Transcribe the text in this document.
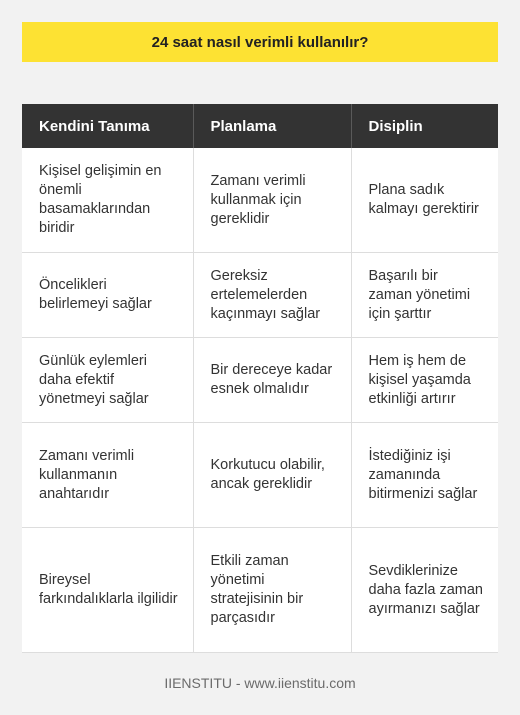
24 saat nasıl verimli kullanılır?
Kendini Tanıma	Planlama	Disiplin
Kişisel gelişimin en önemli basamaklarından biridir	Zamanı verimli kullanmak için gereklidir	Plana sadık kalmayı gerektirir
Öncelikleri belirlemeyi sağlar	Gereksiz ertelemelerden kaçınmayı sağlar	Başarılı bir zaman yönetimi için şarttır
Günlük eylemleri daha efektif yönetmeyi sağlar	Bir dereceye kadar esnek olmalıdır	Hem iş hem de kişisel yaşamda etkinliği artırır
Zamanı verimli kullanmanın anahtarıdır	Korkutucu olabilir, ancak gereklidir	İstediğiniz işi zamanında bitirmenizi sağlar
Bireysel farkındalıklarla ilgilidir	Etkili zaman yönetimi stratejisinin bir parçasıdır	Sevdiklerinize daha fazla zaman ayırmanızı sağlar
IIENSTITU - www.iienstitu.com
